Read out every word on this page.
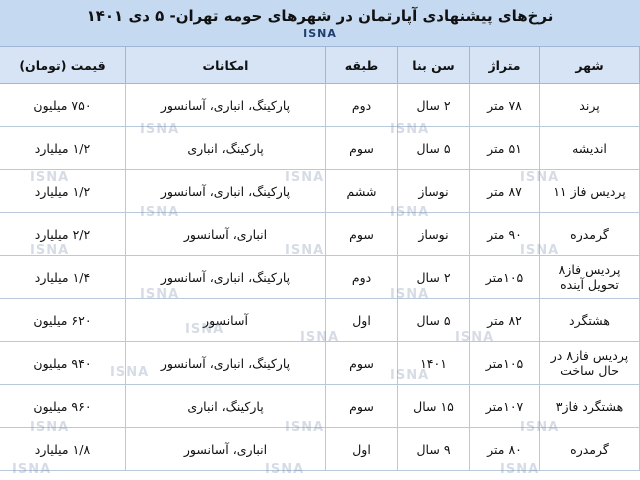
نرخ‌های پیشنهادی آپارتمان در شهرهای حومه تهران- ۵ دی ۱۴۰۱
ISNA
شهر	متراژ	سن بنا	طبقه	امکانات	قیمت (تومان)
پرند	۷۸ متر	۲ سال	دوم	پارکینگ، انباری، آسانسور	۷۵۰ میلیون
اندیشه	۵۱ متر	۵ سال	سوم	پارکینگ، انباری	۱/۲ میلیارد
پردیس فاز ۱۱	۸۷ متر	نوساز	ششم	پارکینگ، انباری، آسانسور	۱/۲ میلیارد
گرمدره	۹۰ متر	نوساز	سوم	انباری، آسانسور	۲/۲ میلیارد
پردیس فاز۸ تحویل آینده	۱۰۵متر	۲ سال	دوم	پارکینگ، انباری، آسانسور	۱/۴ میلیارد
هشتگرد	۸۲ متر	۵ سال	اول	آسانسور	۶۲۰ میلیون
پردیس فاز۸ در حال ساخت	۱۰۵متر	۱۴۰۱	سوم	پارکینگ، انباری، آسانسور	۹۴۰ میلیون
هشتگرد فاز۳	۱۰۷متر	۱۵ سال	سوم	پارکینگ، انباری	۹۶۰ میلیون
گرمدره	۸۰ متر	۹ سال	اول	انباری، آسانسور	۱/۸ میلیارد
ISNA	ISNA
ISNA	ISNA	ISNA
ISNA	ISNA
ISNA	ISNA	ISNA
ISNA	ISNA
ISNA
ISNA	ISNA
ISNA	ISNA
ISNA	ISNA	ISNA
ISNA	ISNA	ISNA
